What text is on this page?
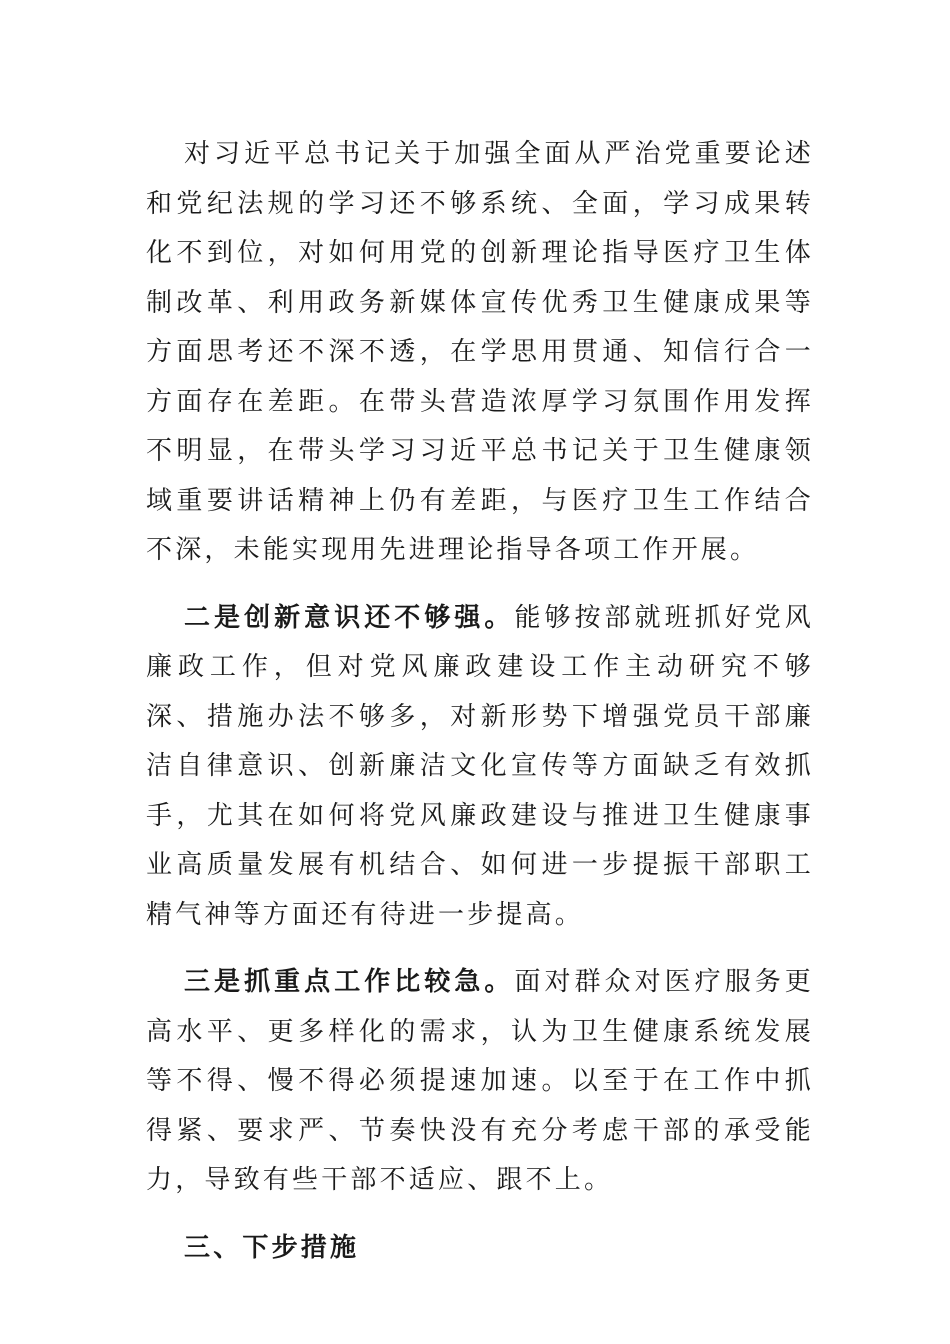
对习近平总书记关于加强全面从严治党重要论述和党纪法规的学习还不够系统、全面，学习成果转化不到位，对如何用党的创新理论指导医疗卫生体制改革、利用政务新媒体宣传优秀卫生健康成果等方面思考还不深不透，在学思用贯通、知信行合一方面存在差距。在带头营造浓厚学习氛围作用发挥不明显，在带头学习习近平总书记关于卫生健康领域重要讲话精神上仍有差距，与医疗卫生工作结合不深，未能实现用先进理论指导各项工作开展。

二是创新意识还不够强。能够按部就班抓好党风廉政工作，但对党风廉政建设工作主动研究不够深、措施办法不够多，对新形势下增强党员干部廉洁自律意识、创新廉洁文化宣传等方面缺乏有效抓手，尤其在如何将党风廉政建设与推进卫生健康事业高质量发展有机结合、如何进一步提振干部职工精气神等方面还有待进一步提高。

三是抓重点工作比较急。面对群众对医疗服务更高水平、更多样化的需求，认为卫生健康系统发展等不得、慢不得必须提速加速。以至于在工作中抓得紧、要求严、节奏快没有充分考虑干部的承受能力，导致有些干部不适应、跟不上。

三、下步措施
